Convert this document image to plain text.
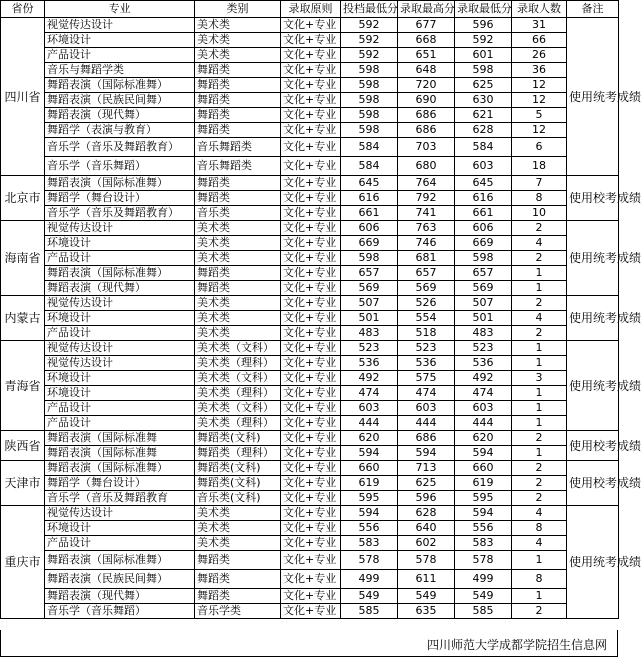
省份	专业	类别	录取原则	投档最低分	录取最高分	录取最低分	录取人数	备注
四川省	视觉传达设计	美术类	文化+专业	592	677	596	31	使用统考成绩
	环境设计	美术类	文化+专业	592	668	592	66	
	产品设计	美术类	文化+专业	592	651	601	26	
	音乐与舞蹈学类	舞蹈类	文化+专业	598	648	598	36	
	舞蹈表演（国际标准舞）	舞蹈类	文化+专业	598	720	625	12	
	舞蹈表演（民族民间舞）	舞蹈类	文化+专业	598	690	630	12	
	舞蹈表演（现代舞）	舞蹈类	文化+专业	598	686	621	5	
	舞蹈学（表演与教育）	舞蹈类	文化+专业	598	686	628	12	
	音乐学（音乐及舞蹈教育）	音乐舞蹈类	文化+专业	584	703	584	6	
	音乐学（音乐舞蹈）	音乐舞蹈类	文化+专业	584	680	603	18	
北京市	舞蹈表演（国际标准舞）	舞蹈类	文化+专业	645	764	645	7	使用校考成绩
	舞蹈学（舞台设计）	舞蹈类	文化+专业	616	792	616	8	
	音乐学（音乐及舞蹈教育）	音乐类	文化+专业	661	741	661	10	
海南省	视觉传达设计	美术类	文化+专业	606	763	606	2	使用统考成绩
	环境设计	美术类	文化+专业	669	746	669	4	
	产品设计	美术类	文化+专业	598	681	598	2	
	舞蹈表演（国际标准舞）	舞蹈类	文化+专业	657	657	657	1	
	舞蹈表演（现代舞）	舞蹈类	文化+专业	569	569	569	1	
内蒙古	视觉传达设计	美术类	文化+专业	507	526	507	2	使用统考成绩
	环境设计	美术类	文化+专业	501	554	501	4	
	产品设计	美术类	文化+专业	483	518	483	2	
青海省	视觉传达设计	美术类（文科）	文化+专业	523	523	523	1	使用统考成绩
	视觉传达设计	美术类（理科）	文化+专业	536	536	536	1	
	环境设计	美术类（文科）	文化+专业	492	575	492	3	
	环境设计	美术类（理科）	文化+专业	474	474	474	1	
	产品设计	美术类（文科）	文化+专业	603	603	603	1	
	产品设计	美术类（理科）	文化+专业	444	444	444	1	
陕西省	舞蹈表演（国际标准舞	舞蹈类(文科)	文化+专业	620	686	620	2	使用校考成绩
	舞蹈表演（国际标准舞	舞蹈类（理科）	文化+专业	594	594	594	1	
天津市	舞蹈表演（国际标准舞）	舞蹈类(文科)	文化+专业	660	713	660	2	使用校考成绩
	舞蹈学（舞台设计）	舞蹈类(文科)	文化+专业	619	625	619	2	
	音乐学（音乐及舞蹈教育	音乐类(文科)	文化+专业	595	596	595	2	
重庆市	视觉传达设计	美术类	文化+专业	594	628	594	4	使用统考成绩
	环境设计	美术类	文化+专业	556	640	556	8	
	产品设计	美术类	文化+专业	583	602	583	4	
	舞蹈表演（国际标准舞）	舞蹈类	文化+专业	578	578	578	1	
	舞蹈表演（民族民间舞）	舞蹈类	文化+专业	499	611	499	8	
	舞蹈表演（现代舞）	舞蹈类	文化+专业	549	549	549	1	
	音乐学（音乐舞蹈）	音乐学类	文化+专业	585	635	585	2	
四川师范大学成都学院招生信息网
